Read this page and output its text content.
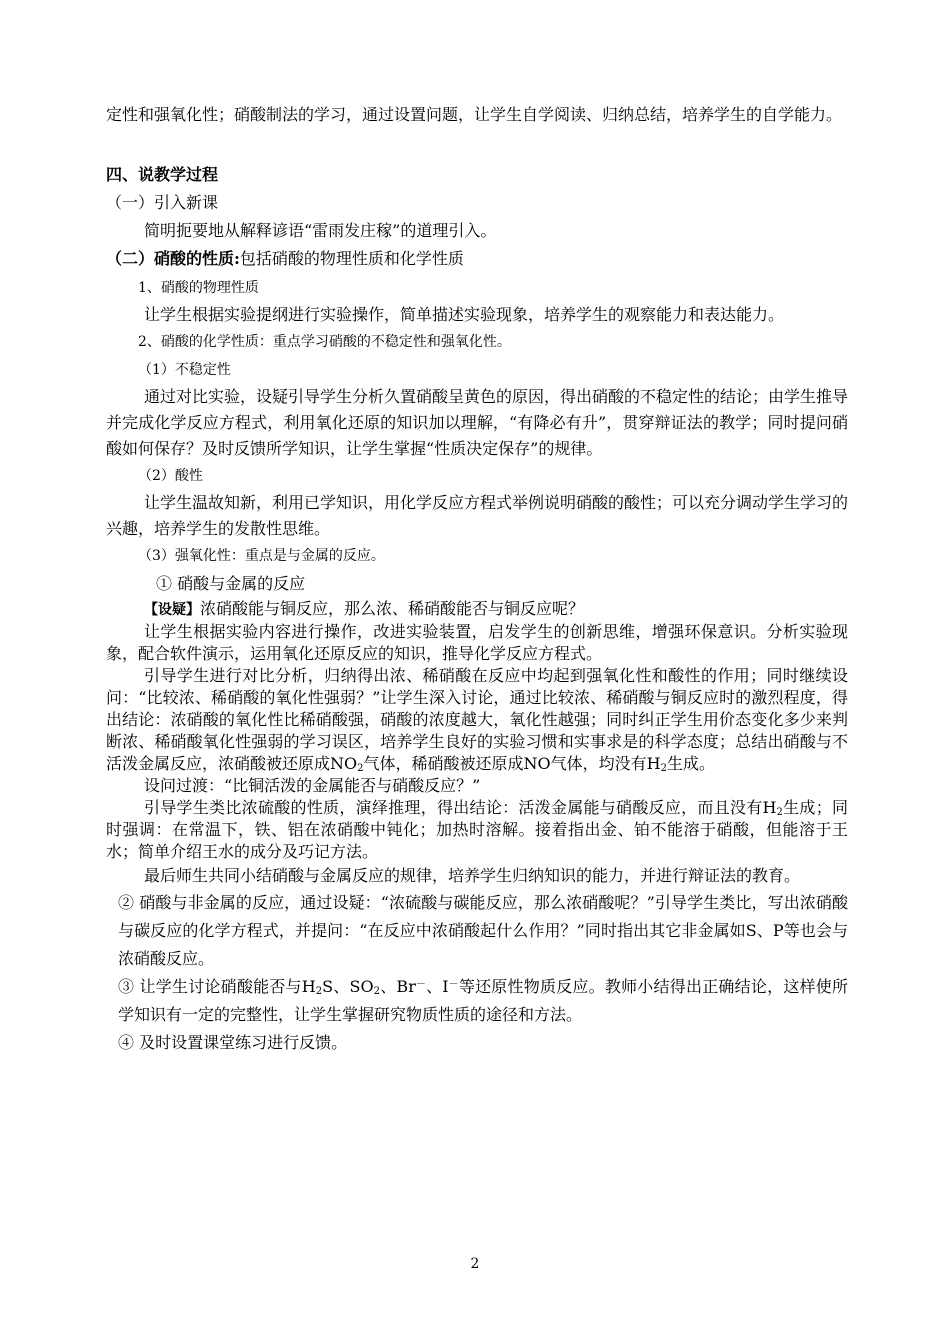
定性和强氧化性；硝酸制法的学习，通过设置问题，让学生自学阅读、归纳总结，培养学生的自学能力。

四、说教学过程

（一）引入新课

简明扼要地从解释谚语“雷雨发庄稼”的道理引入。

（二）硝酸的性质:包括硝酸的物理性质和化学性质

1、硝酸的物理性质

让学生根据实验提纲进行实验操作，简单描述实验现象，培养学生的观察能力和表达能力。

2、硝酸的化学性质：重点学习硝酸的不稳定性和强氧化性。

（1）不稳定性

通过对比实验，设疑引导学生分析久置硝酸呈黄色的原因，得出硝酸的不稳定性的结论；由学生推导并完成化学反应方程式，利用氧化还原的知识加以理解，“有降必有升”，贯穿辩证法的教学；同时提问硝酸如何保存？及时反馈所学知识，让学生掌握“性质决定保存”的规律。

（2）酸性

让学生温故知新，利用已学知识，用化学反应方程式举例说明硝酸的酸性；可以充分调动学生学习的兴趣，培养学生的发散性思维。

（3）强氧化性：重点是与金属的反应。

① 硝酸与金属的反应

【设疑】浓硝酸能与铜反应，那么浓、稀硝酸能否与铜反应呢？

让学生根据实验内容进行操作，改进实验装置，启发学生的创新思维，增强环保意识。分析实验现象，配合软件演示，运用氧化还原反应的知识，推导化学反应方程式。

引导学生进行对比分析，归纳得出浓、稀硝酸在反应中均起到强氧化性和酸性的作用；同时继续设问：“比较浓、稀硝酸的氧化性强弱？”让学生深入讨论，通过比较浓、稀硝酸与铜反应时的激烈程度，得出结论：浓硝酸的氧化性比稀硝酸强，硝酸的浓度越大，氧化性越强；同时纠正学生用价态变化多少来判断浓、稀硝酸氧化性强弱的学习误区，培养学生良好的实验习惯和实事求是的科学态度；总结出硝酸与不活泼金属反应，浓硝酸被还原成$NO_2$气体，稀硝酸被还原成NO气体，均没有$H_2$生成。

设问过渡：“比铜活泼的金属能否与硝酸反应？”

引导学生类比浓硫酸的性质，演绎推理，得出结论：活泼金属能与硝酸反应，而且没有$H_2$生成；同时强调：在常温下，铁、铝在浓硝酸中钝化；加热时溶解。接着指出金、铂不能溶于硝酸，但能溶于王水；简单介绍王水的成分及巧记方法。

最后师生共同小结硝酸与金属反应的规律，培养学生归纳知识的能力，并进行辩证法的教育。

② 硝酸与非金属的反应，通过设疑：“浓硫酸与碳能反应，那么浓硝酸呢？”引导学生类比，写出浓硝酸与碳反应的化学方程式，并提问：“在反应中浓硝酸起什么作用？”同时指出其它非金属如S、P等也会与浓硝酸反应。

③ 让学生讨论硝酸能否与$H_2S$、$SO_2$、Br－、I－等还原性物质反应。教师小结得出正确结论，这样使所学知识有一定的完整性，让学生掌握研究物质性质的途径和方法。

④ 及时设置课堂练习进行反馈。

2
